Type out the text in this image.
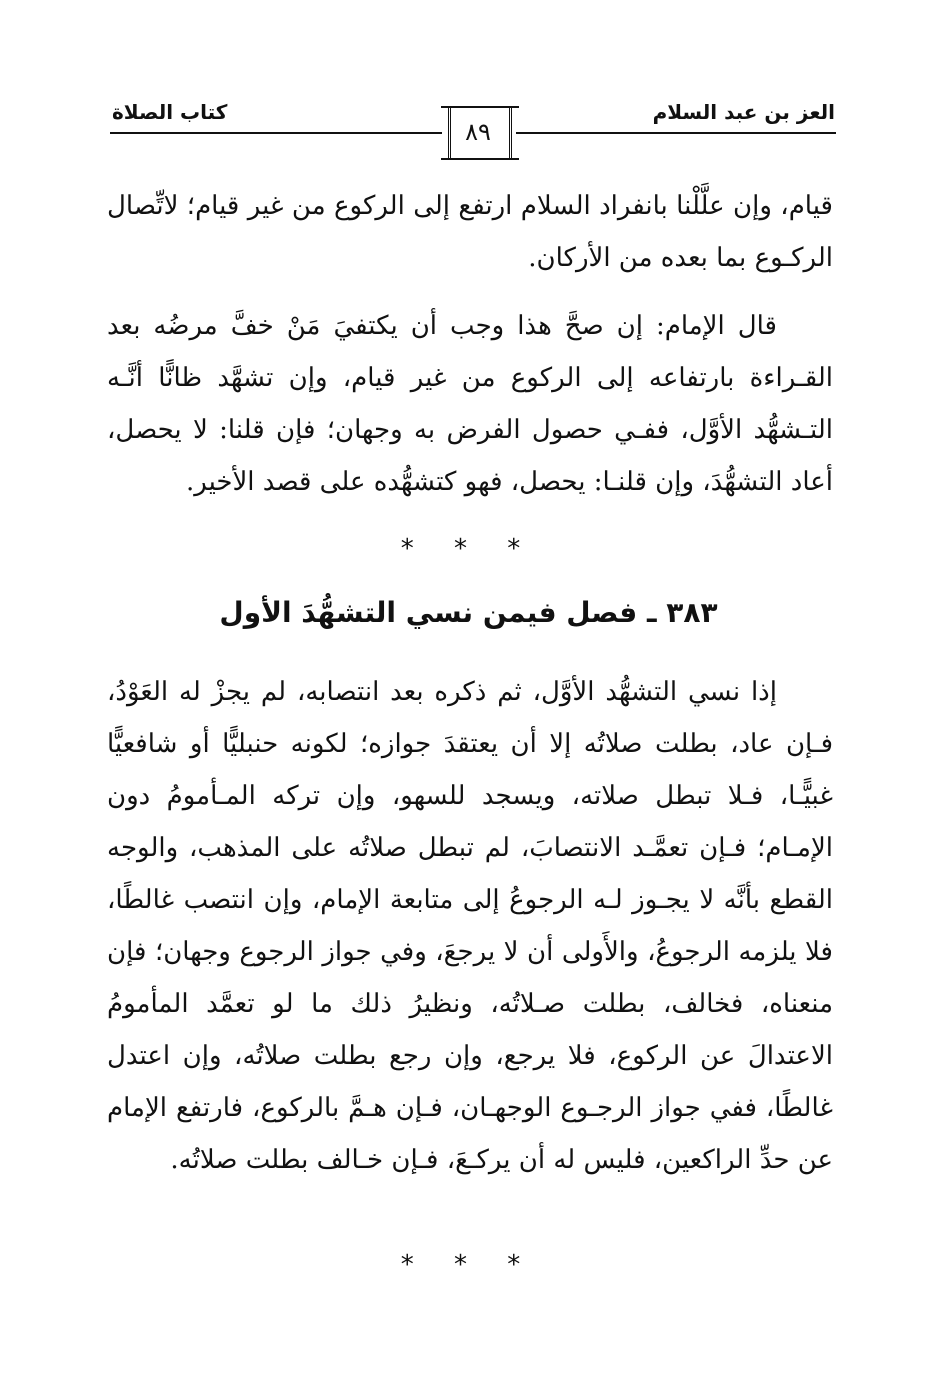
العز بن عبد السلام
كتاب الصلاة
٨٩

قيام، وإن علَّلْنا بانفراد السلام ارتفع إلى الركوع من غير قيام؛ لاتِّصال الركـوع بما بعده من الأركان.

قال الإمام: إن صحَّ هذا وجب أن يكتفيَ مَنْ خفَّ مرضُه بعد القـراءة بارتفاعه إلى الركوع من غير قيام، وإن تشهَّد ظانًّا أنَّـه التـشهُّد الأوَّل، ففـي حصول الفرض به وجهان؛ فإن قلنا: لا يحصل، أعاد التشهُّدَ، وإن قلنـا: يحصل، فهو كتشهُّده على قصد الأخير.

* * *
٣٨٣ ـ فصل فيمن نسي التشهُّدَ الأول

إذا نسي التشهُّد الأوَّل، ثم ذكره بعد انتصابه، لم يجزْ له العَوْدُ، فـإن عاد، بطلت صلاتُه إلا أن يعتقدَ جوازه؛ لكونه حنبليًّا أو شافعيًّا غبيًّـا، فـلا تبطل صلاته، ويسجد للسهو، وإن تركه المـأمومُ دون الإمـام؛ فـإن تعمَّـد الانتصابَ، لم تبطل صلاتُه على المذهب، والوجه القطع بأنَّه لا يجـوز لـه الرجوعُ إلى متابعة الإمام، وإن انتصب غالطًا، فلا يلزمه الرجوعُ، والأَولى أن لا يرجعَ، وفي جواز الرجوع وجهان؛ فإن منعناه، فخالف، بطلت صـلاتُه، ونظيرُ ذلك ما لو تعمَّد المأمومُ الاعتدالَ عن الركوع، فلا يرجع، وإن رجع بطلت صلاتُه، وإن اعتدل غالطًا، ففي جواز الرجـوع الوجهـان، فـإن هـمَّ بالركوع، فارتفع الإمام عن حدِّ الراكعين، فليس له أن يركـعَ، فـإن خـالف بطلت صلاتُه.

* * *
